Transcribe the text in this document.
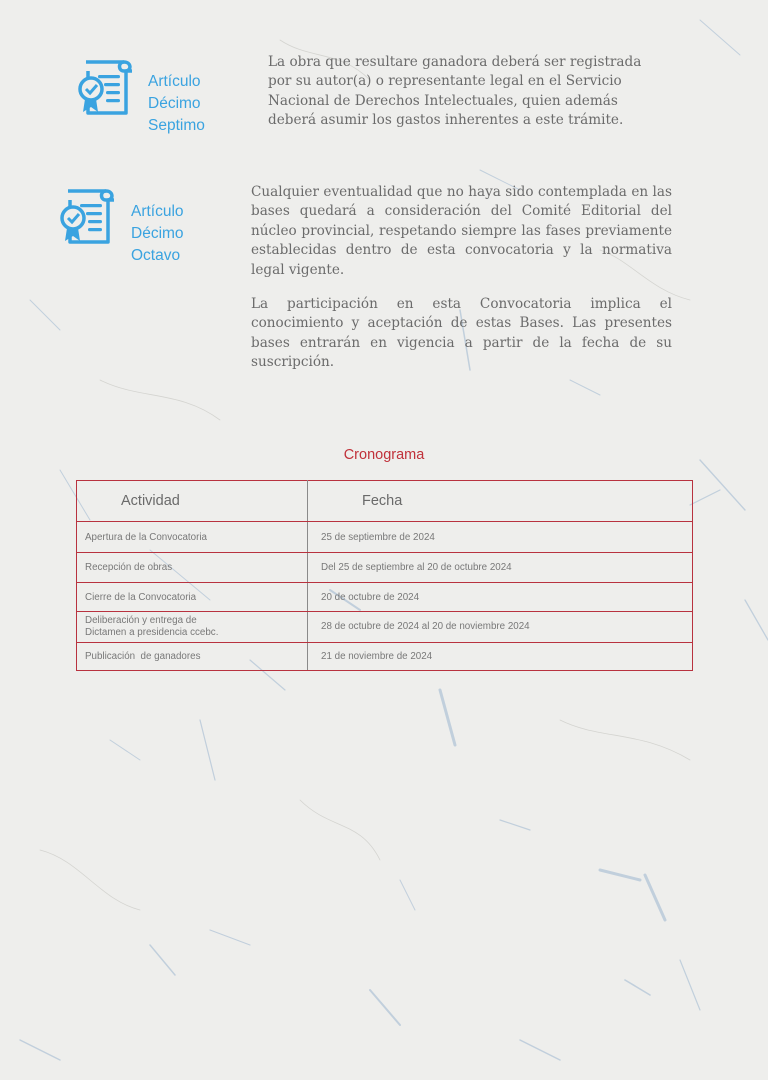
Artículo
Décimo
Septimo

La obra que resultare ganadora deberá ser registrada por su autor(a) o representante legal en el Servicio Nacional de Derechos Intelectuales, quien además deberá asumir los gastos inherentes a este trámite.

Artículo
Décimo
Octavo

Cualquier eventualidad que no haya sido contemplada en las bases quedará a consideración del Comité Editorial del núcleo provincial, respetando siempre las fases previamente establecidas dentro de esta convocatoria y la normativa legal vigente.

La participación en esta Convocatoria implica el conocimiento y aceptación de estas Bases. Las presentes bases entrarán en vigencia a partir de la fecha de su suscripción.

Cronograma
Actividad	Fecha
Apertura de la Convocatoria	25 de septiembre de 2024
Recepción de obras	Del 25 de septiembre al 20 de octubre 2024
Cierre de la Convocatoria	20 de octubre de 2024

Deliberación y entrega de
Dictamen a presidencia ccebc.	28 de octubre de 2024 al 20 de noviembre 2024
Publicación  de ganadores	21 de noviembre de 2024
